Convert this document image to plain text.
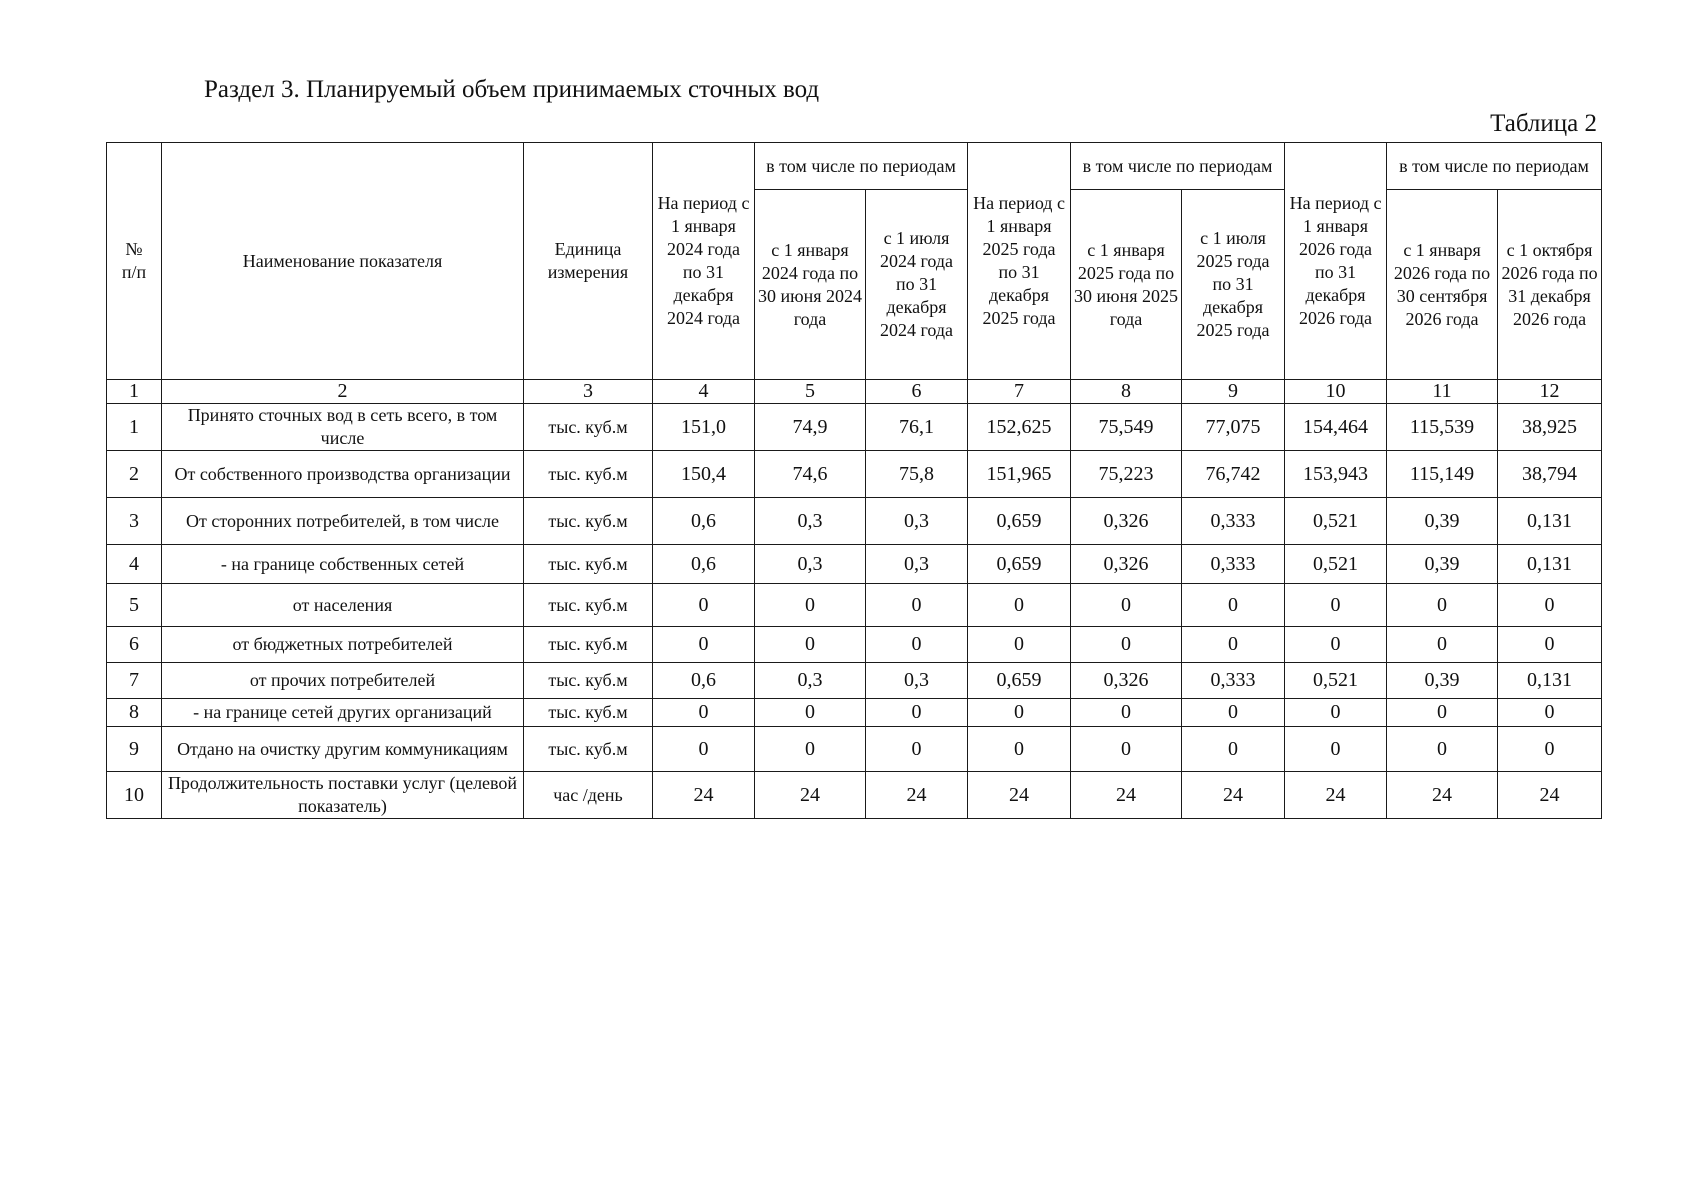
Раздел 3. Планируемый объем принимаемых сточных вод
Таблица 2
№ п/п	Наименование показателя	Единица измерения	На период с 1 января 2024 года по 31 декабря 2024 года	в том числе по периодам		На период с 1 января 2025 года по 31 декабря 2025 года	в том числе по периодам		На период с 1 января 2026 года по 31 декабря 2026 года	в том числе по периодам	
				с 1 января 2024 года по 30 июня 2024 года	с 1 июля 2024 года по 31 декабря 2024 года		с 1 января 2025 года по 30 июня 2025 года	с 1 июля 2025 года по 31 декабря 2025 года		с 1 января 2026 года по 30 сентября 2026 года	с 1 октября 2026 года по 31 декабря 2026 года
1	2	3	4	5	6	7	8	9	10	11	12
1	Принято сточных вод в сеть всего, в том числе	тыс. куб.м	151,0	74,9	76,1	152,625	75,549	77,075	154,464	115,539	38,925
2	От собственного производства организации	тыс. куб.м	150,4	74,6	75,8	151,965	75,223	76,742	153,943	115,149	38,794
3	От сторонних потребителей, в том числе	тыс. куб.м	0,6	0,3	0,3	0,659	0,326	0,333	0,521	0,39	0,131
4	- на границе собственных сетей	тыс. куб.м	0,6	0,3	0,3	0,659	0,326	0,333	0,521	0,39	0,131
5	от населения	тыс. куб.м	0	0	0	0	0	0	0	0	0
6	от бюджетных потребителей	тыс. куб.м	0	0	0	0	0	0	0	0	0
7	от прочих потребителей	тыс. куб.м	0,6	0,3	0,3	0,659	0,326	0,333	0,521	0,39	0,131
8	- на границе сетей других организаций	тыс. куб.м	0	0	0	0	0	0	0	0	0
9	Отдано на очистку другим коммуникациям	тыс. куб.м	0	0	0	0	0	0	0	0	0
10	Продолжительность поставки услуг (целевой показатель)	час /день	24	24	24	24	24	24	24	24	24
